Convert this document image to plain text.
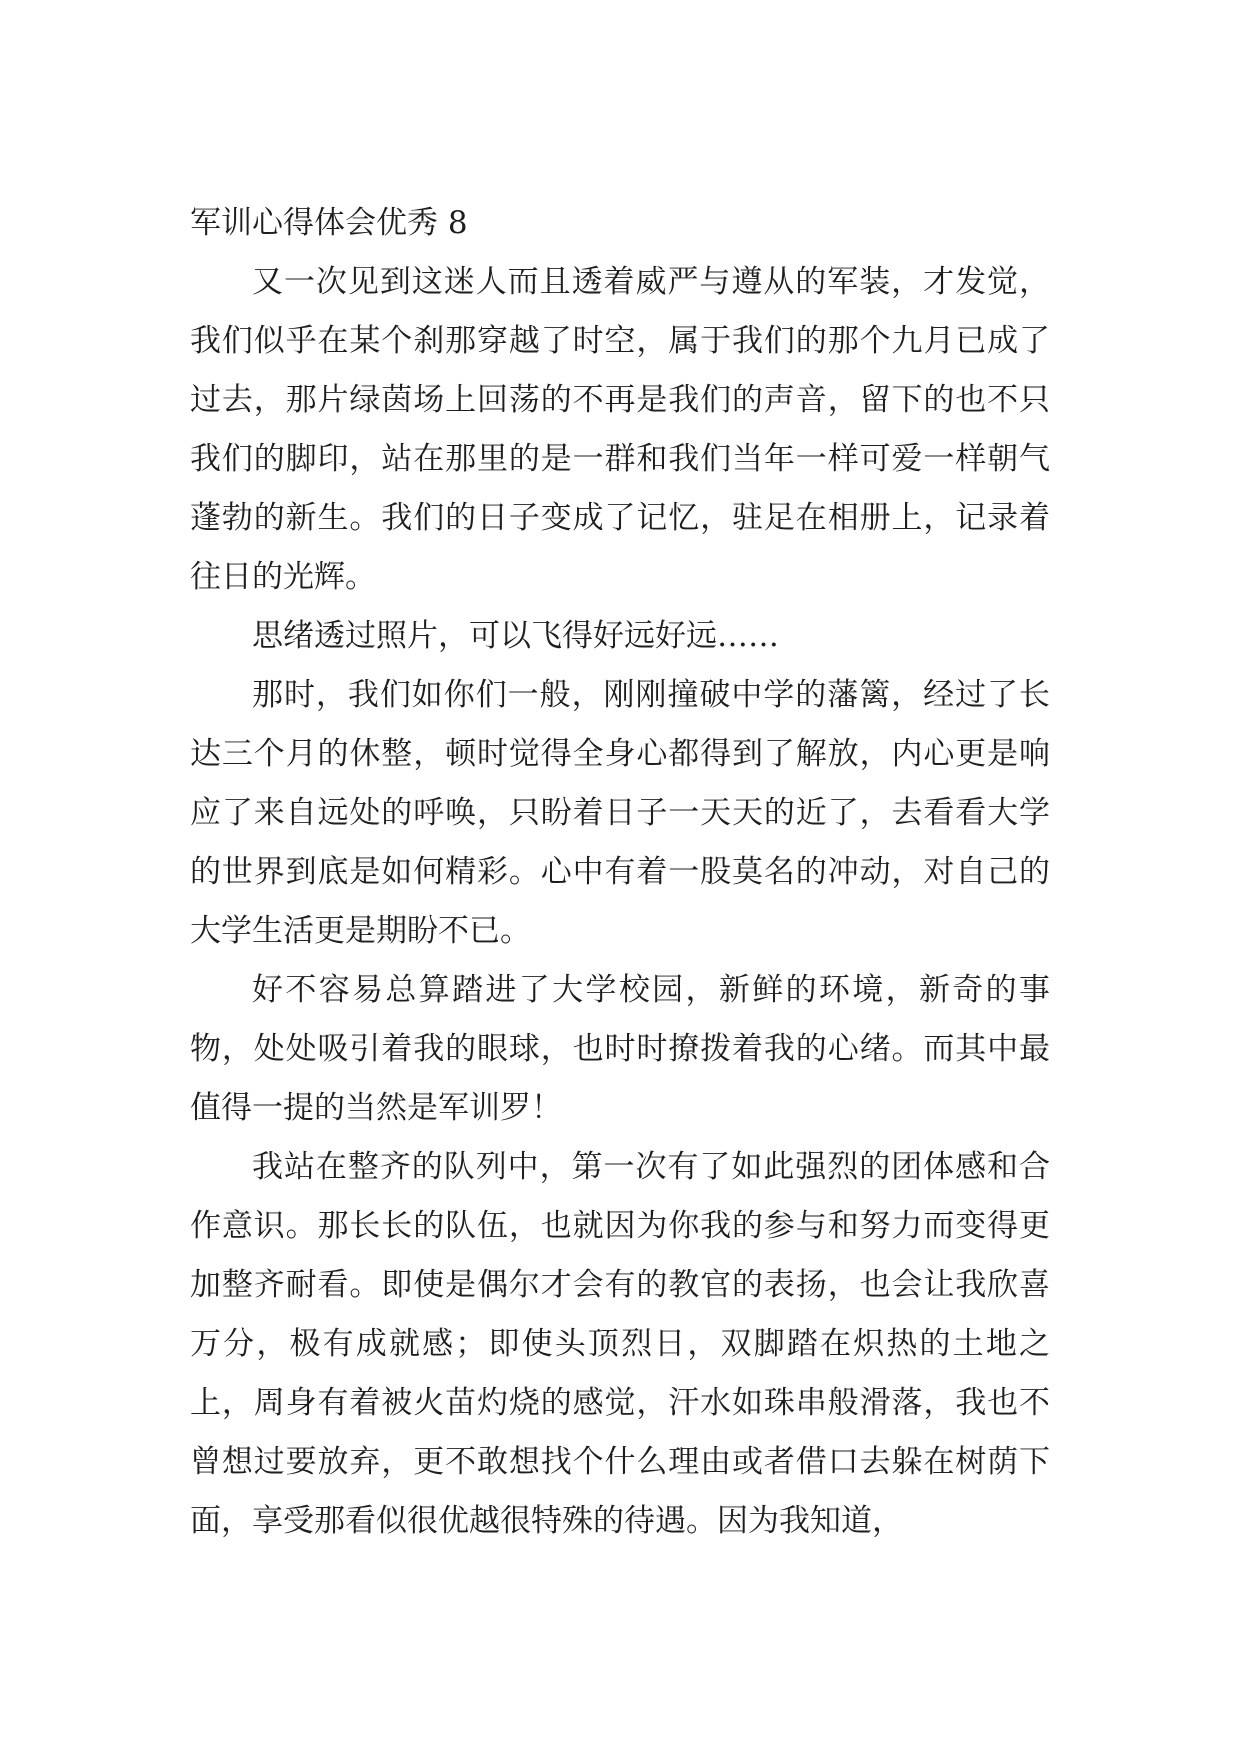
军训心得体会优秀 8

又一次见到这迷人而且透着威严与遵从的军装，才发觉，我们似乎在某个刹那穿越了时空，属于我们的那个九月已成了过去，那片绿茵场上回荡的不再是我们的声音，留下的也不只我们的脚印，站在那里的是一群和我们当年一样可爱一样朝气蓬勃的新生。我们的日子变成了记忆，驻足在相册上，记录着往日的光辉。

思绪透过照片，可以飞得好远好远……

那时，我们如你们一般，刚刚撞破中学的藩篱，经过了长达三个月的休整，顿时觉得全身心都得到了解放，内心更是响应了来自远处的呼唤，只盼着日子一天天的近了，去看看大学的世界到底是如何精彩。心中有着一股莫名的冲动，对自己的大学生活更是期盼不已。

好不容易总算踏进了大学校园，新鲜的环境，新奇的事物，处处吸引着我的眼球，也时时撩拨着我的心绪。而其中最值得一提的当然是军训罗！

我站在整齐的队列中，第一次有了如此强烈的团体感和合作意识。那长长的队伍，也就因为你我的参与和努力而变得更加整齐耐看。即使是偶尔才会有的教官的表扬，也会让我欣喜万分，极有成就感；即使头顶烈日，双脚踏在炽热的土地之上，周身有着被火苗灼烧的感觉，汗水如珠串般滑落，我也不曾想过要放弃，更不敢想找个什么理由或者借口去躲在树荫下面，享受那看似很优越很特殊的待遇。因为我知道，
